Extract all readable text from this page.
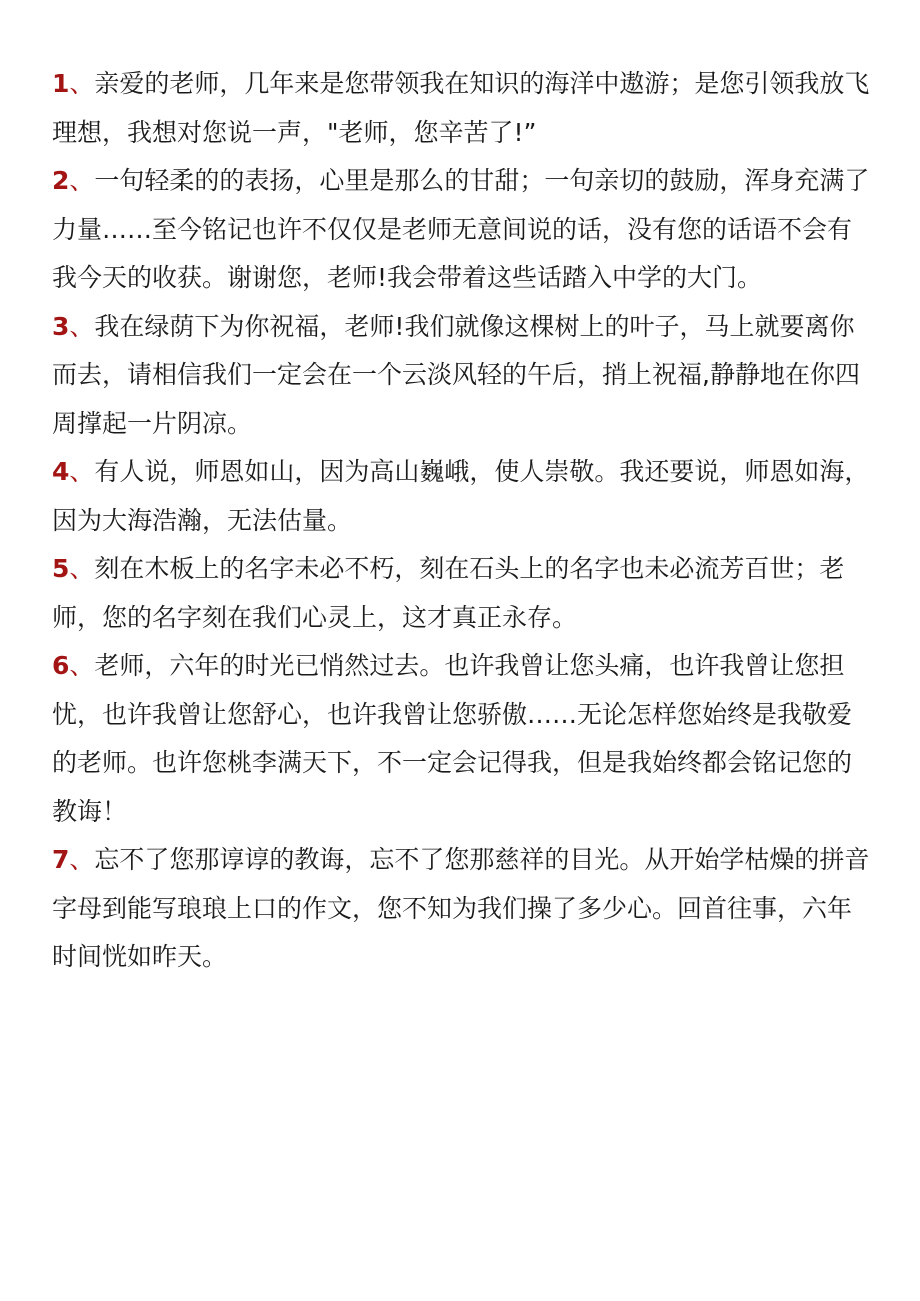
1、亲爱的老师，几年来是您带领我在知识的海洋中遨游；是您引领我放飞理想，我想对您说一声，"老师，您辛苦了!”

2、一句轻柔的的表扬，心里是那么的甘甜；一句亲切的鼓励，浑身充满了力量……至今铭记也许不仅仅是老师无意间说的话，没有您的话语不会有我今天的收获。谢谢您，老师!我会带着这些话踏入中学的大门。

3、我在绿荫下为你祝福，老师!我们就像这棵树上的叶子，马上就要离你而去，请相信我们一定会在一个云淡风轻的午后，捎上祝福,静静地在你四周撑起一片阴凉。

4、有人说，师恩如山，因为高山巍峨，使人崇敬。我还要说，师恩如海，因为大海浩瀚，无法估量。

5、刻在木板上的名字未必不朽，刻在石头上的名字也未必流芳百世；老师，您的名字刻在我们心灵上，这才真正永存。

6、老师，六年的时光已悄然过去。也许我曾让您头痛，也许我曾让您担忧，也许我曾让您舒心，也许我曾让您骄傲……无论怎样您始终是我敬爱的老师。也许您桃李满天下，不一定会记得我，但是我始终都会铭记您的教诲！

7、忘不了您那谆谆的教诲，忘不了您那慈祥的目光。从开始学枯燥的拼音字母到能写琅琅上口的作文，您不知为我们操了多少心。回首往事，六年时间恍如昨天。
